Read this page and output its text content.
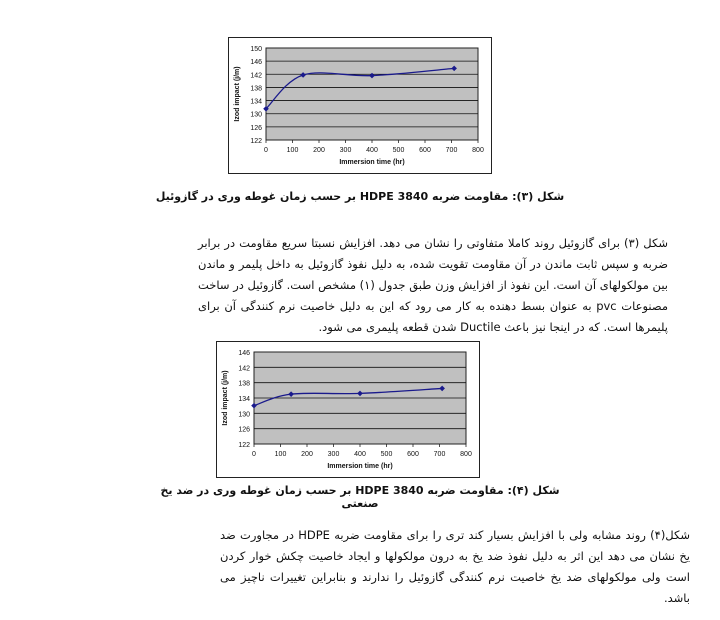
122
126
130
134
138
142
146
150
0	100 200 300 400 500 600 700 800
Immersion time (hr)
Izod impact (j/m)
شکل (۳): مقاومت ضربه HDPE 3840 بر حسب زمان غوطه وری در گازوئیل
شکل (۳) برای گازوئیل روند کاملا متفاوتی را نشان می دهد. افزایش نسبتا سریع مقاومت در برابر ضربه و سپس ثابت ماندن در آن مقاومت تقویت شده، به دلیل نفوذ گازوئیل به داخل پلیمر و ماندن بین مولکولهای آن است. این نفوذ از افزایش وزن طبق جدول (۱) مشخص است. گازوئیل در ساخت مصنوعات pvc به عنوان بسط دهنده به کار می رود که این به دلیل خاصیت نرم کنندگی آن برای پلیمرها است. که در اینجا نیز باعث Ductile شدن قطعه پلیمری می شود.
122
126
130
134
138
142
146
0	100 200 300 400 500 600 700 800
Immersion time (hr)
Izod impact (j/m)
شکل (۴): مقاومت ضربه HDPE 3840 بر حسب زمان غوطه وری در ضد یخ صنعتی
شکل(۴) روند مشابه ولی با افزایش بسیار کند تری را برای مقاومت ضربه HDPE در مجاورت ضد یخ نشان می دهد این اثر به دلیل نفوذ ضد یخ به درون مولکولها و ایجاد خاصیت چکش خوار کردن است ولی مولکولهای ضد یخ خاصیت نرم کنندگی گازوئیل را ندارند و بنابراین تغییرات ناچیز می باشد.
